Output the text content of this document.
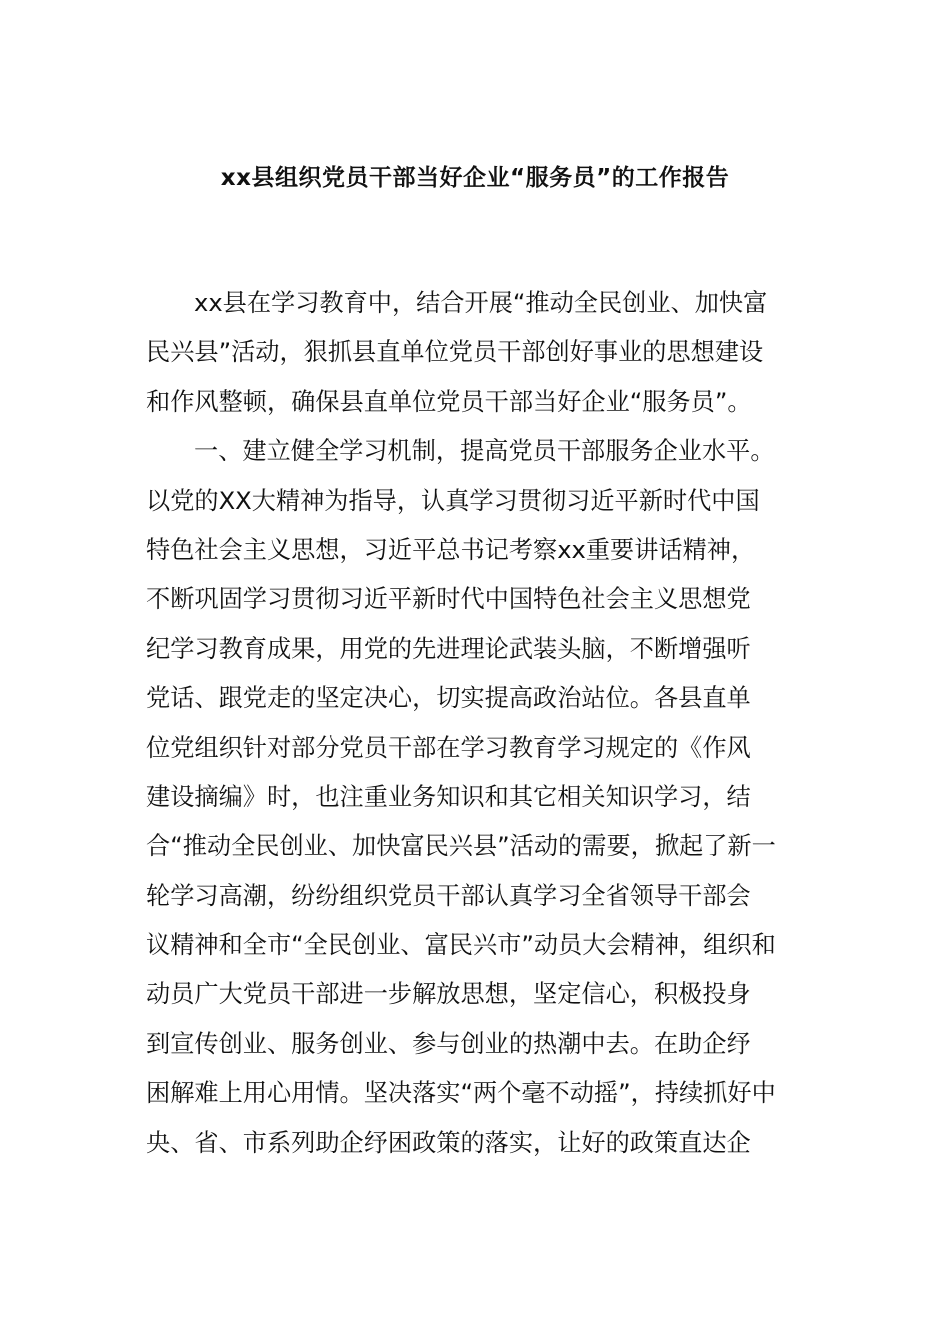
xx县组织党员干部当好企业“服务员”的工作报告
xx县在学习教育中，结合开展“推动全民创业、加快富
民兴县”活动，狠抓县直单位党员干部创好事业的思想建设
和作风整顿，确保县直单位党员干部当好企业“服务员”。
一、建立健全学习机制，提高党员干部服务企业水平。
以党的XX大精神为指导，认真学习贯彻习近平新时代中国
特色社会主义思想，习近平总书记考察xx重要讲话精神，
不断巩固学习贯彻习近平新时代中国特色社会主义思想党
纪学习教育成果，用党的先进理论武装头脑，不断增强听
党话、跟党走的坚定决心，切实提高政治站位。各县直单
位党组织针对部分党员干部在学习教育学习规定的《作风
建设摘编》时，也注重业务知识和其它相关知识学习，结
合“推动全民创业、加快富民兴县”活动的需要，掀起了新一
轮学习高潮，纷纷组织党员干部认真学习全省领导干部会
议精神和全市“全民创业、富民兴市”动员大会精神，组织和
动员广大党员干部进一步解放思想，坚定信心，积极投身
到宣传创业、服务创业、参与创业的热潮中去。在助企纾
困解难上用心用情。坚决落实“两个毫不动摇”，持续抓好中
央、省、市系列助企纾困政策的落实，让好的政策直达企
